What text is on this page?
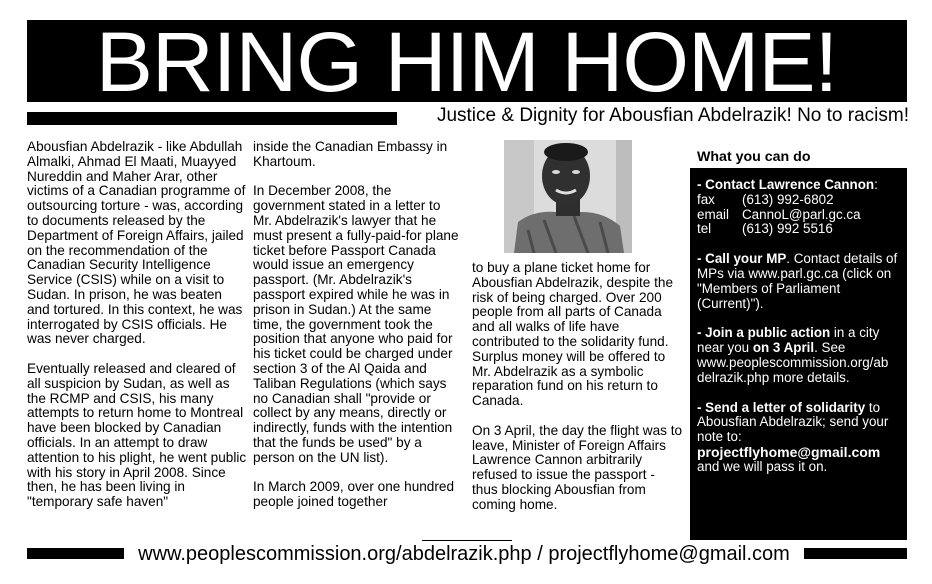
BRING HIM HOME!
Justice & Dignity for Abousfian Abdelrazik! No to racism!

Abousfian Abdelrazik - like Abdullah Almalki, Ahmad El Maati, Muayyed Nureddin and Maher Arar, other victims of a Canadian programme of outsourcing torture - was, according to documents released by the Department of Foreign Affairs, jailed on the recommendation of the Canadian Security Intelligence Service (CSIS) while on a visit to Sudan. In prison, he was beaten and tortured. In this context, he was interrogated by CSIS officials. He was never charged.

Eventually released and cleared of all suspicion by Sudan, as well as the RCMP and CSIS, his many attempts to return home to Montreal have been blocked by Canadian officials. In an attempt to draw attention to his plight, he went public with his story in April 2008. Since then, he has been living in "temporary safe haven"

inside the Canadian Embassy in Khartoum.

In December 2008, the government stated in a letter to Mr. Abdelrazik's lawyer that he must present a fully-paid-for plane ticket before Passport Canada would issue an emergency passport. (Mr. Abdelrazik's passport expired while he was in prison in Sudan.) At the same time, the government took the position that anyone who paid for his ticket could be charged under section 3 of the Al Qaida and Taliban Regulations (which says no Canadian shall "provide or collect by any means, directly or indirectly, funds with the intention that the funds be used" by a person on the UN list).

In March 2009, over one hundred people joined together

to buy a plane ticket home for Abousfian Abdelrazik, despite the risk of being charged. Over 200 people from all parts of Canada and all walks of life have contributed to the solidarity fund. Surplus money will be offered to Mr. Abdelrazik as a symbolic reparation fund on his return to Canada.

On 3 April, the day the flight was to leave, Minister of Foreign Affairs Lawrence Cannon arbitrarily refused to issue the passport - thus blocking Abousfian from coming home.

What you can do
- Contact Lawrence Cannon:
fax	(613) 992-6802
email CannoL@parl.gc.ca
tel	(613) 992 5516
- Call your MP. Contact details of MPs via www.parl.gc.ca (click on "Members of Parliament (Current)").
- Join a public action in a city near you on 3 April. See www.peoplescommission.org/ab delrazik.php more details.
- Send a letter of solidarity to Abousfian Abdelrazik; send your note to:
projectflyhome@gmail.com
and we will pass it on.
www.peoplescommission.org/abdelrazik.php / projectflyhome@gmail.com
